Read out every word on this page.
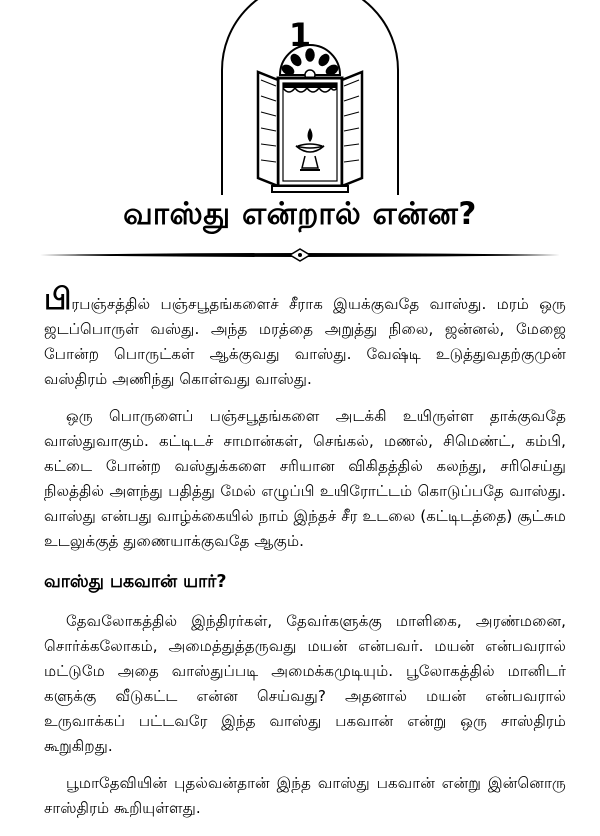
1
வாஸ்து என்றால் என்ன?

பிரபஞ்சத்தில் பஞ்சபூதங்களைச் சீராக இயக்குவதே வாஸ்து. மரம் ஒரு ஜடப்பொருள் வஸ்து. அந்த மரத்தை அறுத்து நிலை, ஜன்னல், மேஜை போன்ற பொருட்கள் ஆக்குவது வாஸ்து. வேஷ்டி உடுத்துவதற்குமுன் வஸ்திரம் அணிந்து கொள்வது வாஸ்து.

ஒரு பொருளைப் பஞ்சபூதங்களை அடக்கி உயிருள்ள தாக்குவதே வாஸ்துவாகும். கட்டிடச் சாமான்கள், செங்கல், மணல், சிமெண்ட், கம்பி, கட்டை போன்ற வஸ்துக்களை சரியான விகிதத்தில் கலந்து, சரிசெய்து நிலத்தில் அளந்து பதித்து மேல் எழுப்பி உயிரோட்டம் கொடுப்பதே வாஸ்து. வாஸ்து என்பது வாழ்க்கையில் நாம் இந்தச் சீர உடலை (கட்டிடத்தை) சூட்சும உடலுக்குத் துணையாக்குவதே ஆகும்.

வாஸ்து பகவான் யார்?

தேவலோகத்தில் இந்திரர்கள், தேவர்களுக்கு மாளிகை, அரண்மனை, சொர்க்கலோகம், அமைத்துத்தருவது மயன் என்பவர். மயன் என்பவரால் மட்டுமே அதை வாஸ்துப்படி அமைக்கமுடியும். பூலோகத்தில் மானிடர் களுக்கு வீடுகட்ட என்ன செய்வது? அதனால் மயன் என்பவரால் உருவாக்கப் பட்டவரே இந்த வாஸ்து பகவான் என்று ஒரு சாஸ்திரம் கூறுகிறது.

பூமாதேவியின் புதல்வன்தான் இந்த வாஸ்து பகவான் என்று இன்னொரு சாஸ்திரம் கூறியுள்ளது.
